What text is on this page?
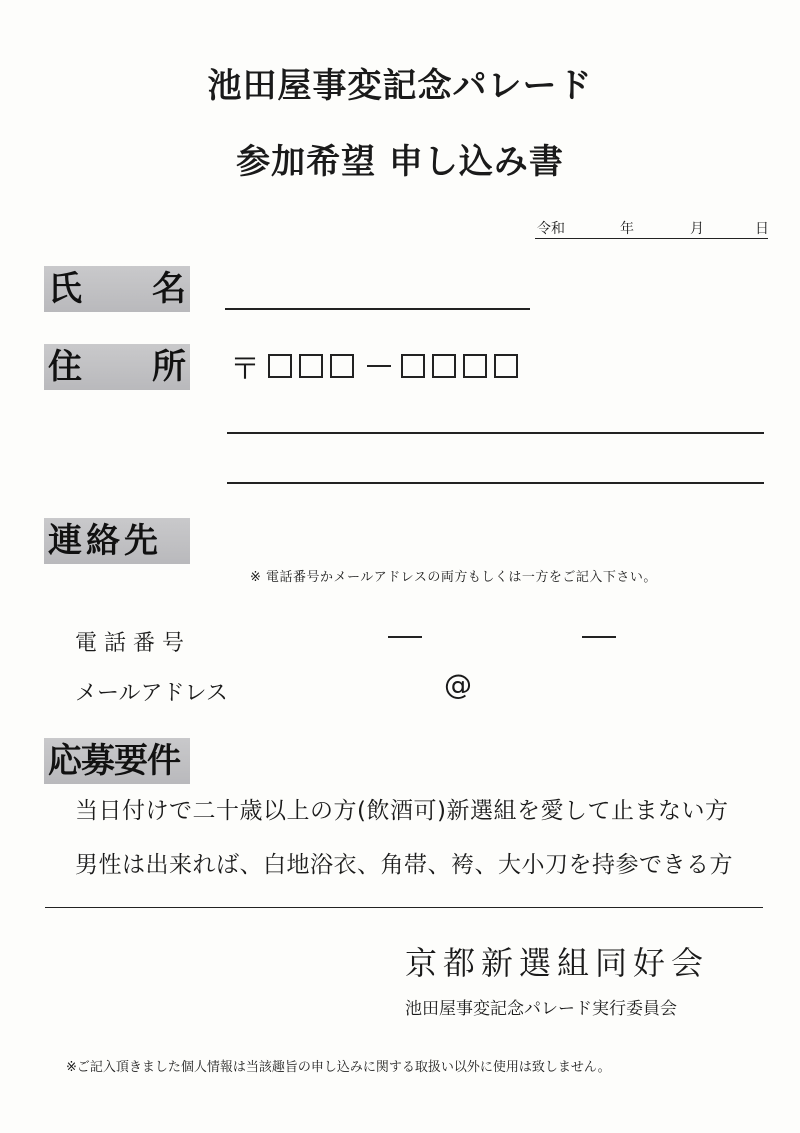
池田屋事変記念パレード
参加希望 申し込み書
令和	年	月	日
氏 名
住 所 〒
連絡先
※ 電話番号かメールアドレスの両方もしくは一方をご記入下さい。
電話番号
メールアドレス	@
応募要件
当日付けで二十歳以上の方(飲酒可)新選組を愛して止まない方
男性は出来れば、白地浴衣、角帯、袴、大小刀を持参できる方
京都新選組同好会
池田屋事変記念パレード実行委員会
※ご記入頂きました個人情報は当該趣旨の申し込みに関する取扱い以外に使用は致しません。
